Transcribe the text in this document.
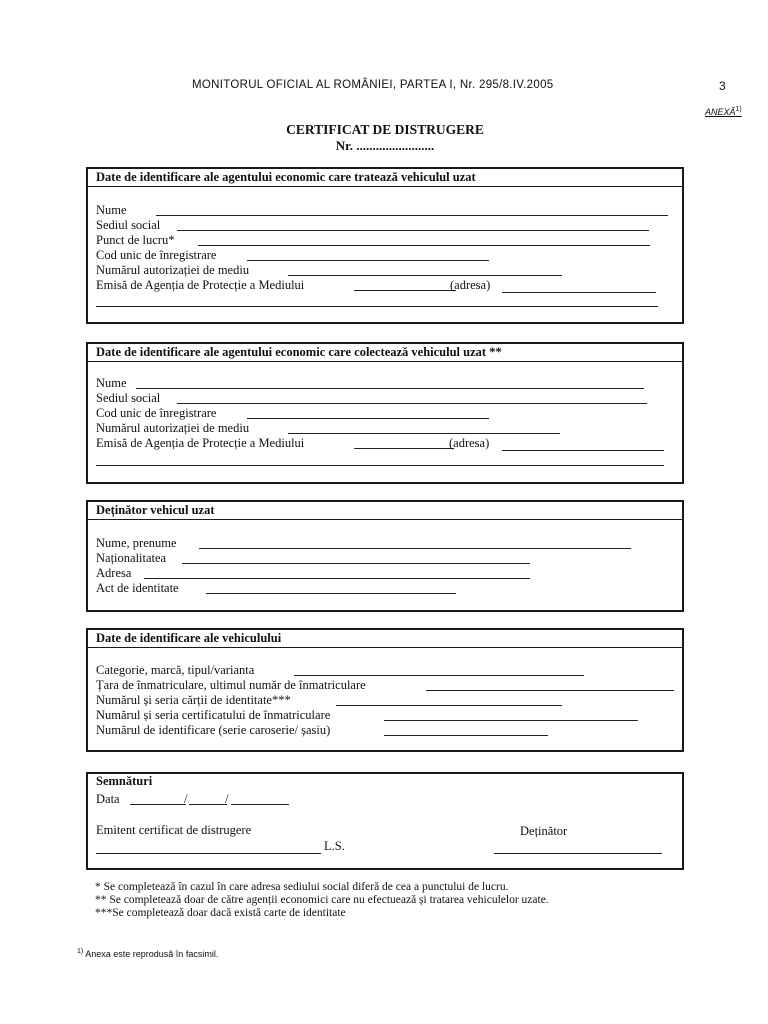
MONITORUL OFICIAL AL ROMÂNIEI, PARTEA I, Nr. 295/8.IV.2005	3
ANEXĂ$^{1)}$
CERTIFICAT DE DISTRUGERE
Nr. ........................
Date de identificare ale agentului economic care tratează vehiculul uzat
Nume
Sediul social
Punct de lucru*
Cod unic de înregistrare
Numărul autorizației de mediu
Emisă de Agenția de Protecție a Mediului	(adresa)
Date de identificare ale agentului economic care colectează vehiculul uzat **
Nume
Sediul social
Cod unic de înregistrare
Numărul autorizației de mediu
Emisă de Agenția de Protecție a Mediului	(adresa)
Deținător vehicul uzat
Nume, prenume
Naționalitatea
Adresa
Act de identitate
Date de identificare ale vehiculului
Categorie, marcă, tipul/varianta
Țara de înmatriculare, ultimul număr de înmatriculare
Numărul și seria cărții de identitate***
Numărul și seria certificatului de înmatriculare
Numărul de identificare (serie caroserie/ șasiu)
Semnături
Data	/	/
Emitent certificat de distrugere
L.S.
Deținător
* Se completează în cazul în care adresa sediului social diferă de cea a punctului de lucru.
** Se completează doar de către agenții economici care nu efectuează și tratarea vehiculelor uzate.
***Se completează doar dacă există carte de identitate
$^{1)}$ Anexa este reprodusă în facsimil.
